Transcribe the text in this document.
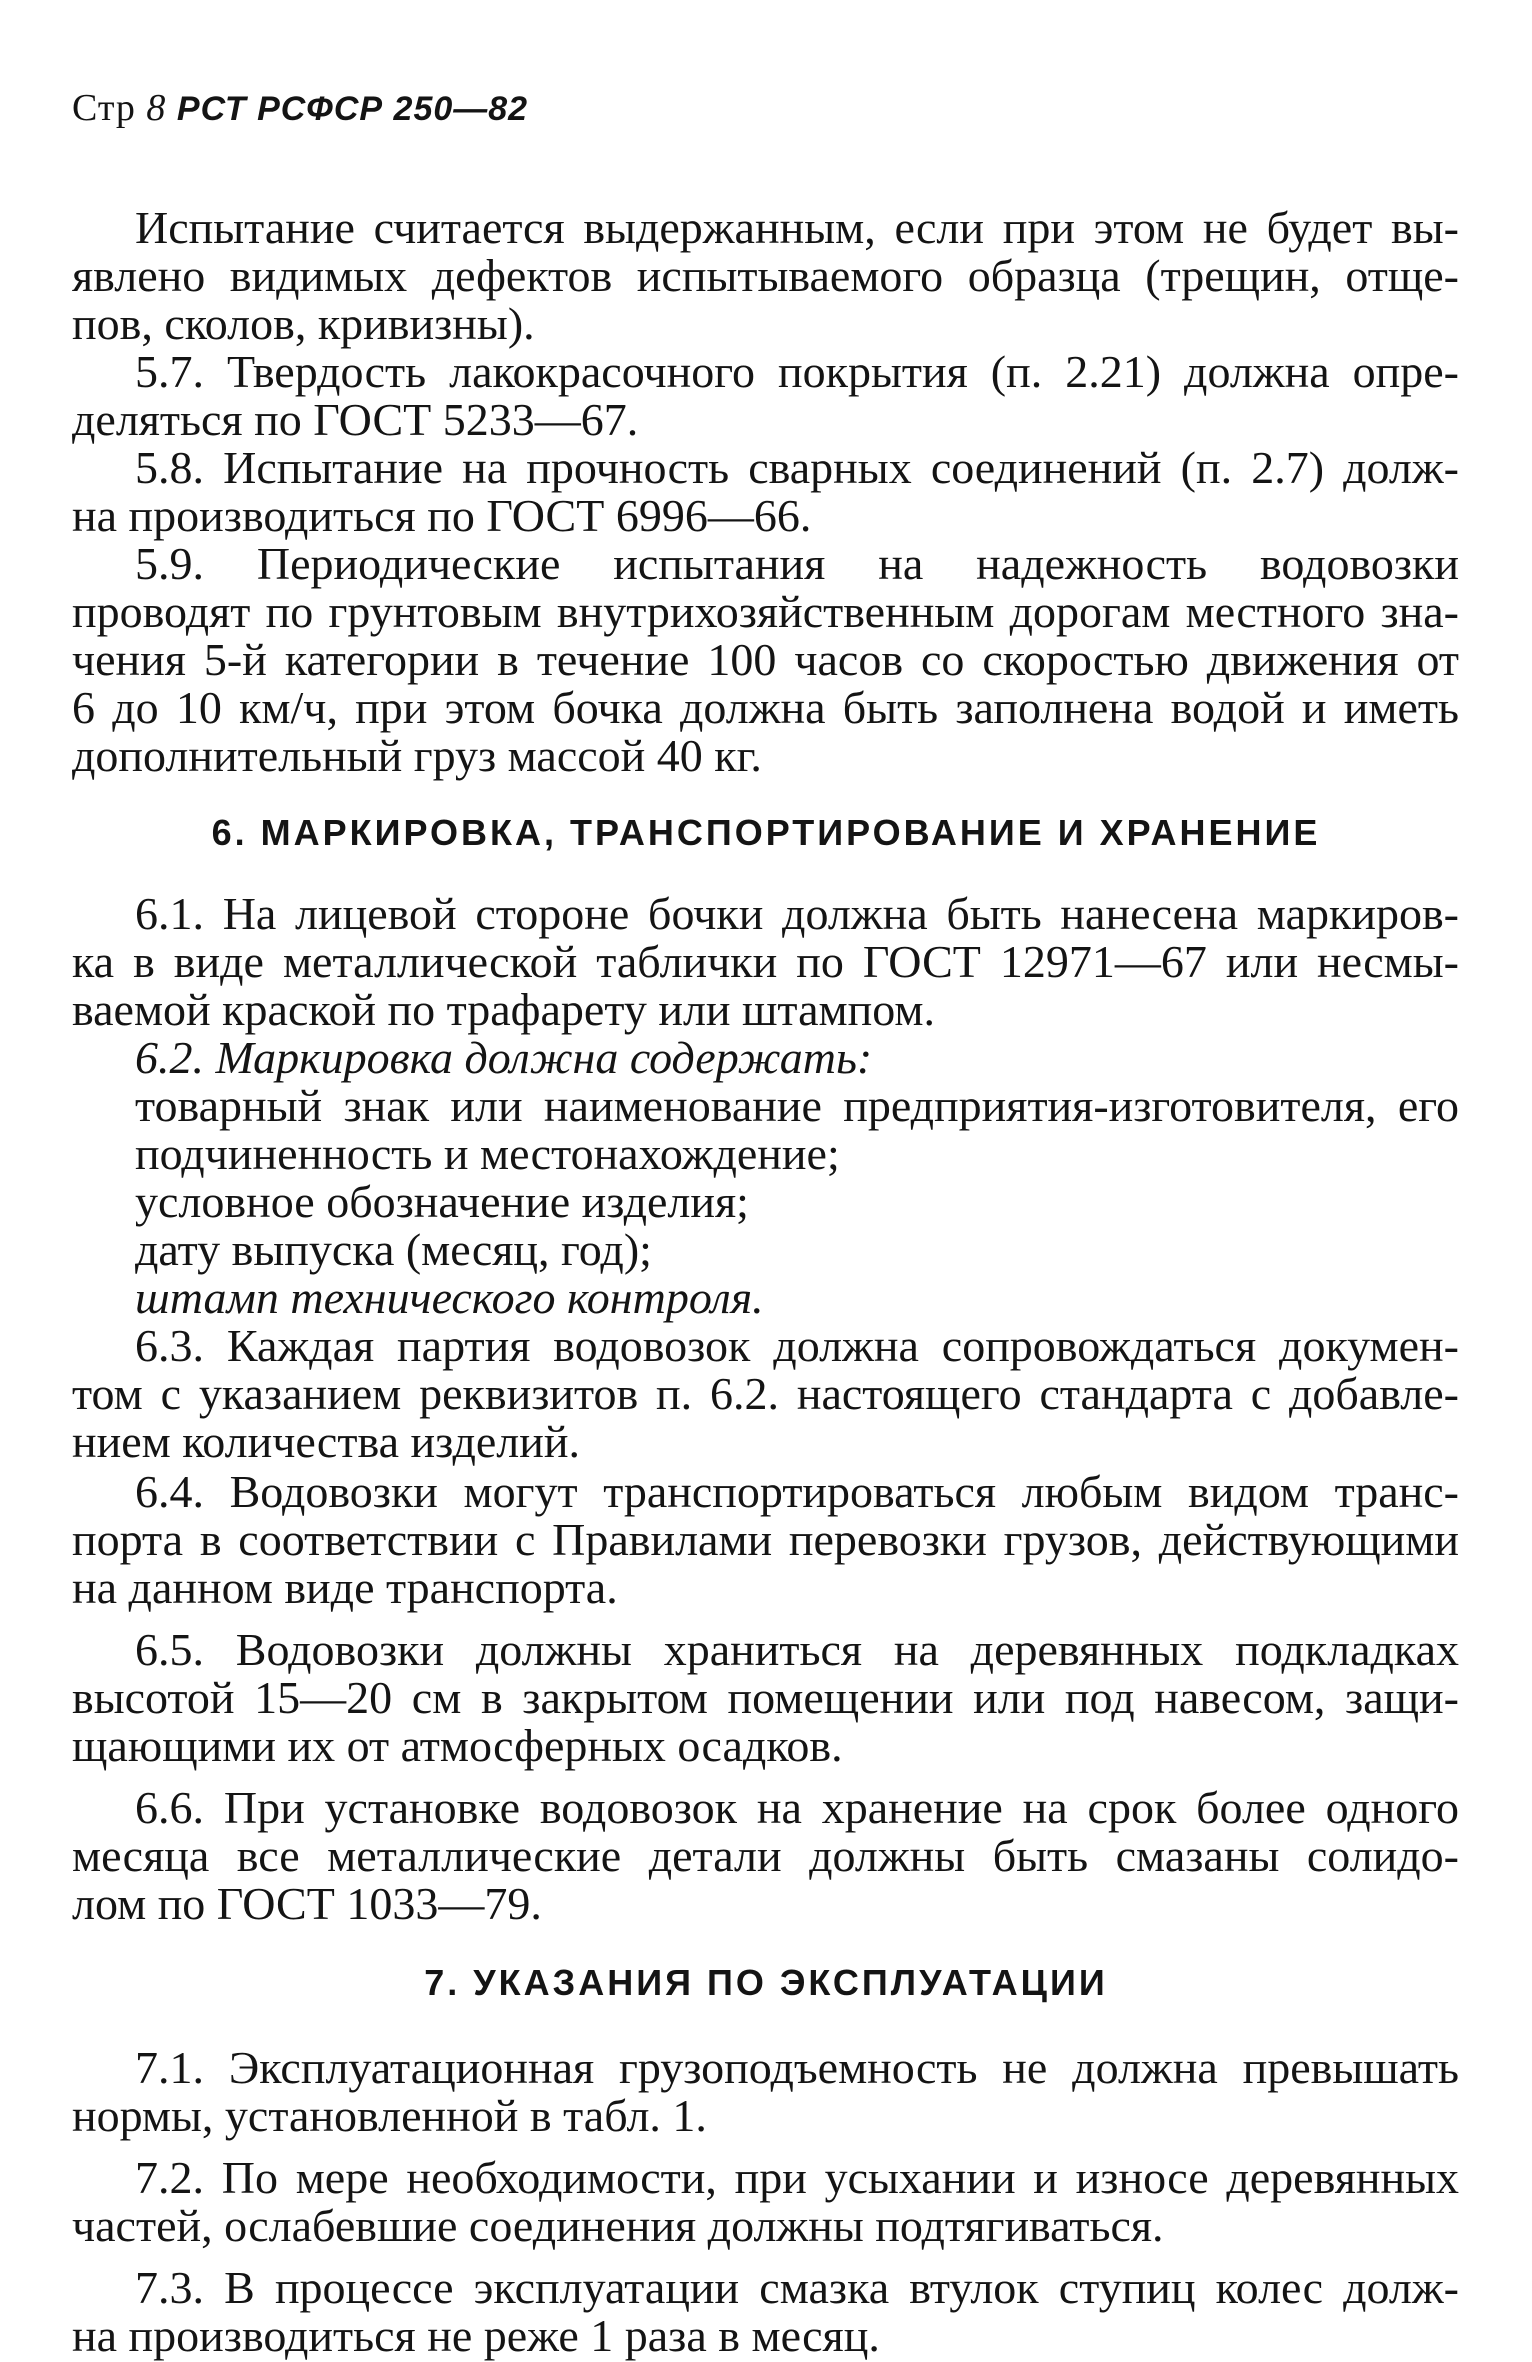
Стр 8 РСТ РСФСР 250—82
Испытание считается выдержанным, если при этом не будет вы-
явлено видимых дефектов испытываемого образца (трещин, отще-
пов, сколов, кривизны).
5.7. Твердость лакокрасочного покрытия (п. 2.21) должна опре-
деляться по ГОСТ 5233—67.
5.8. Испытание на прочность сварных соединений (п. 2.7) долж-
на производиться по ГОСТ 6996—66.
5.9. Периодические испытания на надежность водовозки
проводят по грунтовым внутрихозяйственным дорогам местного зна-
чения 5-й категории в течение 100 часов со скоростью движения от
6 до 10 км/ч, при этом бочка должна быть заполнена водой и иметь
дополнительный груз массой 40 кг.
6. МАРКИРОВКА, ТРАНСПОРТИРОВАНИЕ И ХРАНЕНИЕ
6.1. На лицевой стороне бочки должна быть нанесена маркиров-
ка в виде металлической таблички по ГОСТ 12971—67 или несмы-
ваемой краской по трафарету или штампом.
6.2. Маркировка должна содержать:
товарный знак или наименование предприятия-изготовителя, его
подчиненность и местонахождение;
условное обозначение изделия;
дату выпуска (месяц, год);
штамп технического контроля.
6.3. Каждая партия водовозок должна сопровождаться докумен-
том с указанием реквизитов п. 6.2. настоящего стандарта с добавле-
нием количества изделий.
6.4. Водовозки могут транспортироваться любым видом транс-
порта в соответствии с Правилами перевозки грузов, действующими
на данном виде транспорта.
6.5. Водовозки должны храниться на деревянных подкладках
высотой 15—20 см в закрытом помещении или под навесом, защи-
щающими их от атмосферных осадков.
6.6. При установке водовозок на хранение на срок более одного
месяца все металлические детали должны быть смазаны солидо-
лом по ГОСТ 1033—79.
7. УКАЗАНИЯ ПО ЭКСПЛУАТАЦИИ
7.1. Эксплуатационная грузоподъемность не должна превышать
нормы, установленной в табл. 1.
7.2. По мере необходимости, при усыхании и износе деревянных
частей, ослабевшие соединения должны подтягиваться.
7.3. В процессе эксплуатации смазка втулок ступиц колес долж-
на производиться не реже 1 раза в месяц.
